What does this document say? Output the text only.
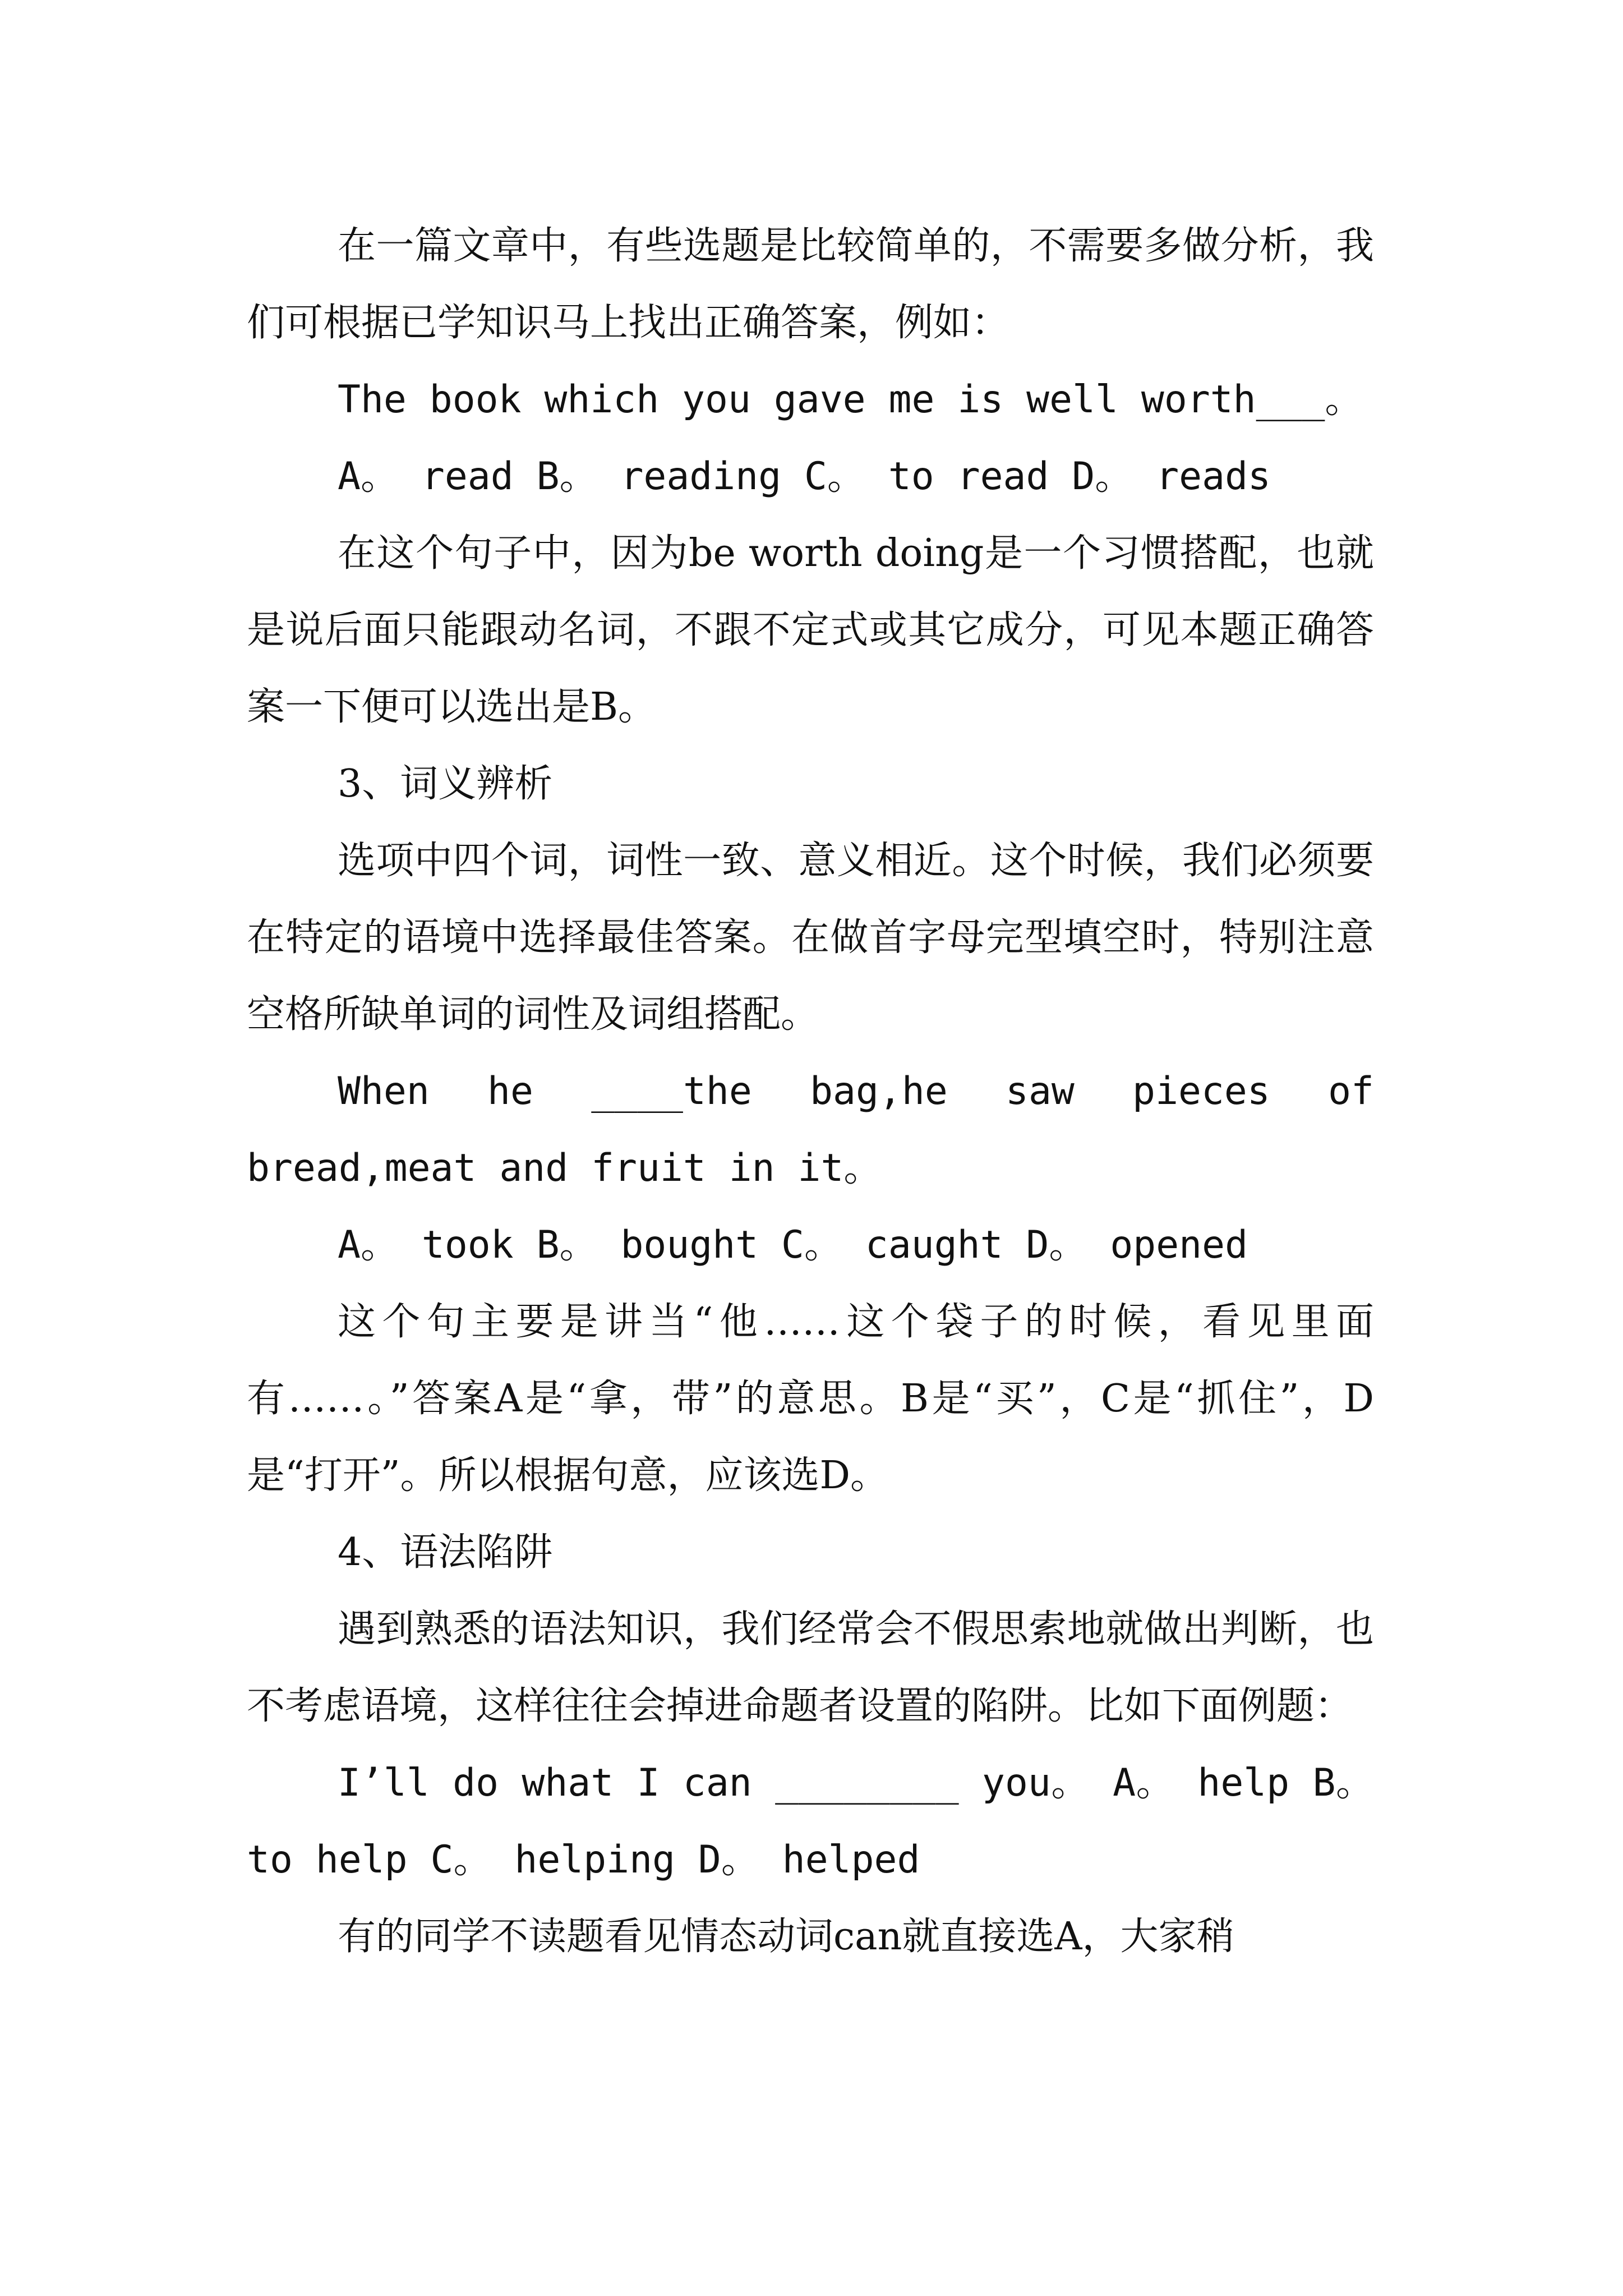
在一篇文章中，有些选题是比较简单的，不需要多做分析，我们可根据已学知识马上找出正确答案，例如：

The book which you gave me is well worth___。

A。 read B。 reading C。 to read D。 reads

在这个句子中，因为be worth doing是一个习惯搭配，也就是说后面只能跟动名词，不跟不定式或其它成分，可见本题正确答案一下便可以选出是B。

3、词义辨析

选项中四个词，词性一致、意义相近。这个时候，我们必须要在特定的语境中选择最佳答案。在做首字母完型填空时，特别注意空格所缺单词的词性及词组搭配。

When he ____the bag,he saw pieces of bread,meat and fruit in it。

A。 took B。 bought C。 caught D。 opened

这个句主要是讲当“他……这个袋子的时候，看见里面有……。”答案A是“拿，带”的意思。B是“买”，C是“抓住”，D是“打开”。所以根据句意，应该选D。

4、语法陷阱

遇到熟悉的语法知识，我们经常会不假思索地就做出判断，也不考虑语境，这样往往会掉进命题者设置的陷阱。比如下面例题：

I’ll do what I can ________ you。 A。 help B。 to help C。 helping D。 helped

有的同学不读题看见情态动词can就直接选A，大家稍
